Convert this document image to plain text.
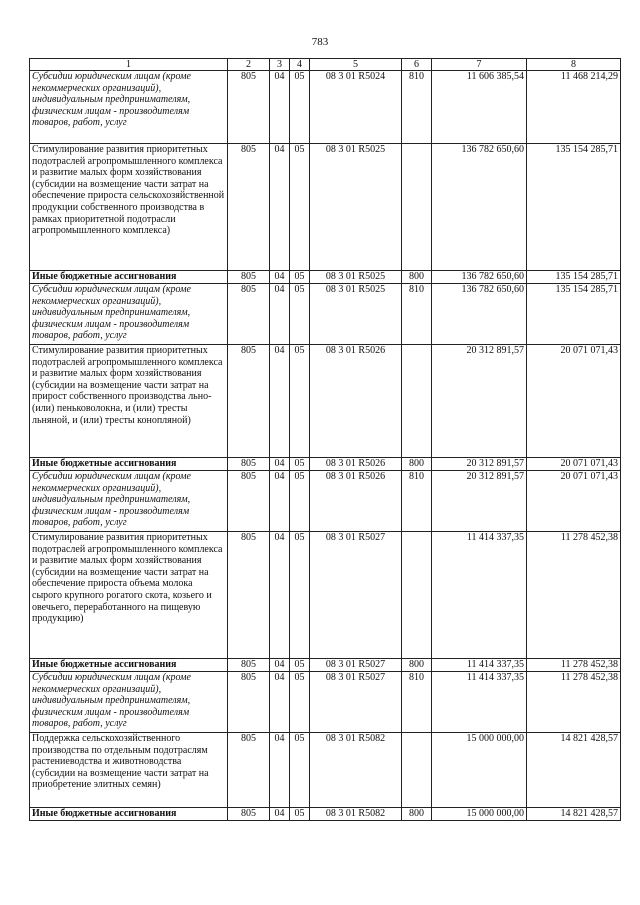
783
1	2	3	4	5	6	7	8
Субсидии юридическим лицам (кроме некоммерческих организаций), индивидуальным предпринимателям, физическим лицам - производителям товаров, работ, услуг	805	04	05	08 3 01 R5024	810	11 606 385,54	11 468 214,29
Стимулирование развития приоритетных подотраслей агропромышленного комплекса и развитие малых форм хозяйствования (субсидии на возмещение части затрат на обеспечение прироста сельскохозяйственной продукции собственного производства в рамках приоритетной подотрасли агропромышленного комплекса)	805	04	05	08 3 01 R5025		136 782 650,60	135 154 285,71
Иные бюджетные ассигнования	805	04	05	08 3 01 R5025	800	136 782 650,60	135 154 285,71
Субсидии юридическим лицам (кроме некоммерческих организаций), индивидуальным предпринимателям, физическим лицам - производителям товаров, работ, услуг	805	04	05	08 3 01 R5025	810	136 782 650,60	135 154 285,71
Стимулирование развития приоритетных подотраслей агропромышленного комплекса и развитие малых форм хозяйствования (субсидии на возмещение части затрат на прирост собственного производства льно-(или) пеньковолокна, и (или) тресты льняной, и (или) тресты конопляной)	805	04	05	08 3 01 R5026		20 312 891,57	20 071 071,43
Иные бюджетные ассигнования	805	04	05	08 3 01 R5026	800	20 312 891,57	20 071 071,43
Субсидии юридическим лицам (кроме некоммерческих организаций), индивидуальным предпринимателям, физическим лицам - производителям товаров, работ, услуг	805	04	05	08 3 01 R5026	810	20 312 891,57	20 071 071,43
Стимулирование развития приоритетных подотраслей агропромышленного комплекса и развитие малых форм хозяйствования (субсидии на возмещение части затрат на обеспечение прироста объема молока сырого крупного рогатого скота, козьего и овечьего, переработанного на пищевую продукцию)	805	04	05	08 3 01 R5027		11 414 337,35	11 278 452,38
Иные бюджетные ассигнования	805	04	05	08 3 01 R5027	800	11 414 337,35	11 278 452,38
Субсидии юридическим лицам (кроме некоммерческих организаций), индивидуальным предпринимателям, физическим лицам - производителям товаров, работ, услуг	805	04	05	08 3 01 R5027	810	11 414 337,35	11 278 452,38
Поддержка сельскохозяйственного производства по отдельным подотраслям растениеводства и животноводства (субсидии на возмещение части затрат на приобретение элитных семян)	805	04	05	08 3 01 R5082		15 000 000,00	14 821 428,57
Иные бюджетные ассигнования	805	04	05	08 3 01 R5082	800	15 000 000,00	14 821 428,57
